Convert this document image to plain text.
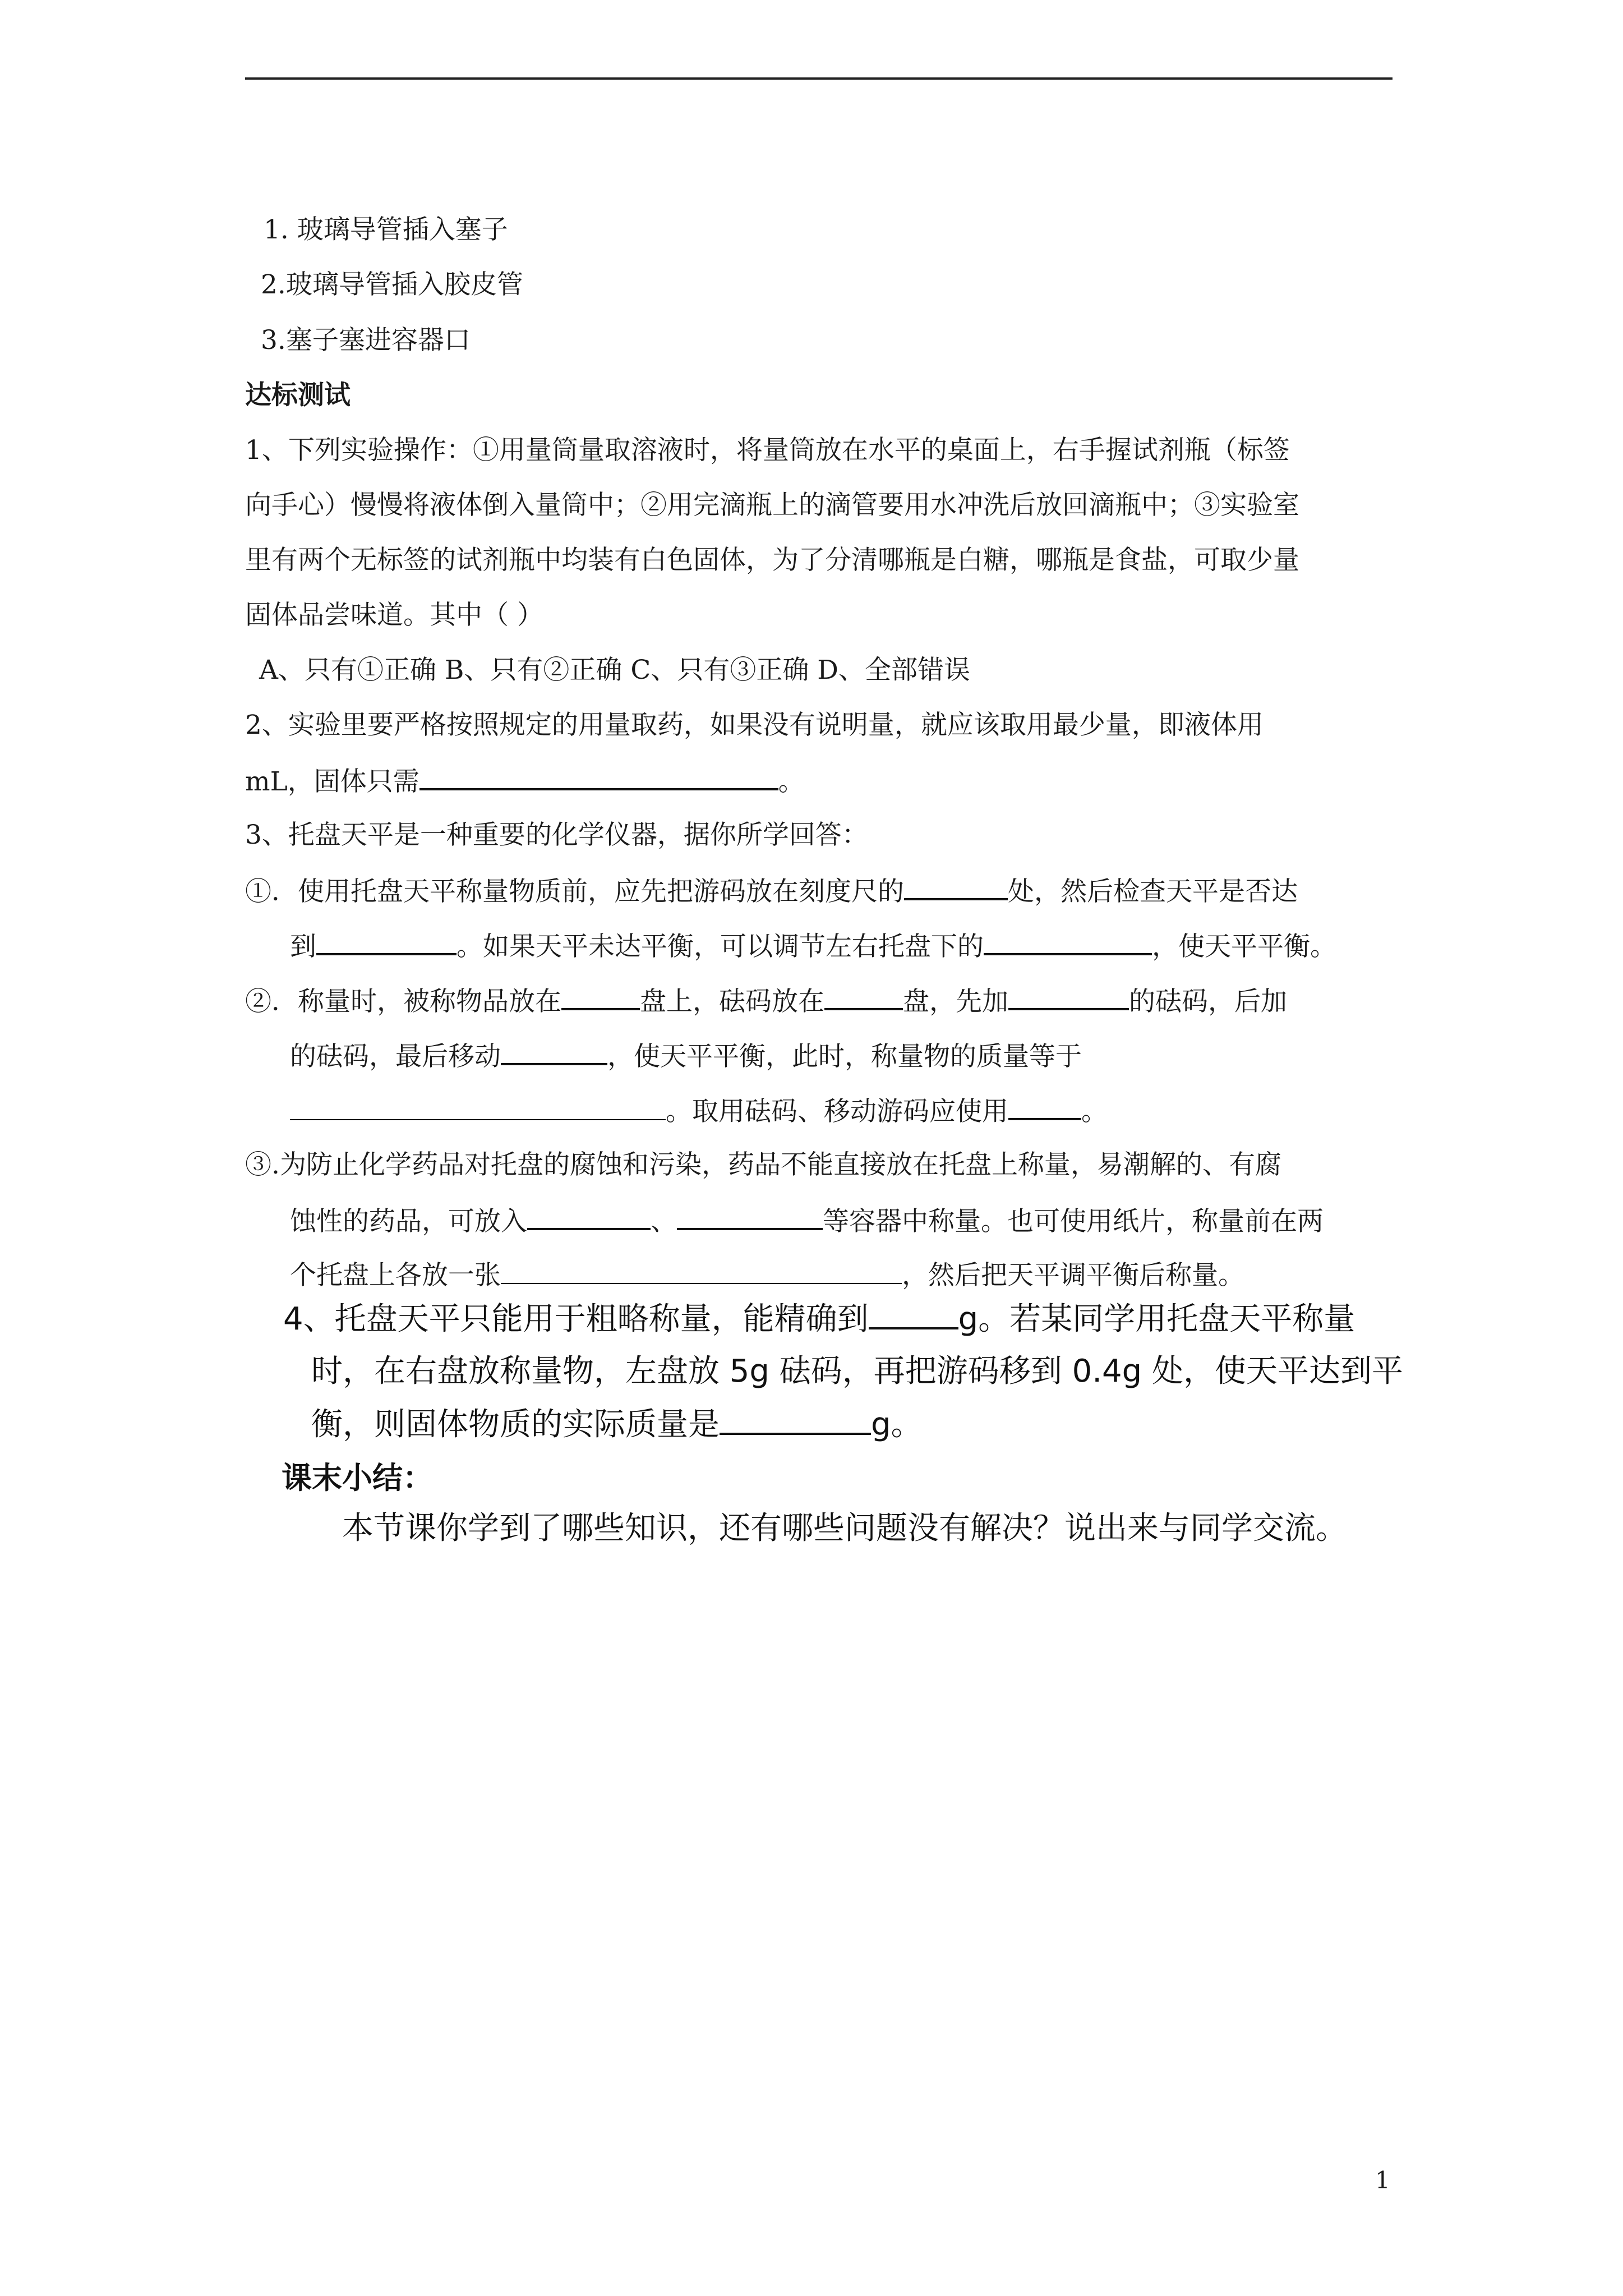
1. 玻璃导管插入塞子
2.玻璃导管插入胶皮管
3.塞子塞进容器口
达标测试
1、下列实验操作：①用量筒量取溶液时，将量筒放在水平的桌面上，右手握试剂瓶（标签
向手心）慢慢将液体倒入量筒中；②用完滴瓶上的滴管要用水冲洗后放回滴瓶中；③实验室
里有两个无标签的试剂瓶中均装有白色固体，为了分清哪瓶是白糖，哪瓶是食盐，可取少量
固体品尝味道。其中（ ）
A、只有①正确 B、只有②正确 C、只有③正确 D、全部错误
2、实验里要严格按照规定的用量取药，如果没有说明量，就应该取用最少量，即液体用
mL，固体只需	。
3、托盘天平是一种重要的化学仪器，据你所学回答：
①．使用托盘天平称量物质前，应先把游码放在刻度尺的	处，然后检查天平是否达
到	。如果天平未达平衡，可以调节左右托盘下的	，使天平平衡。
②．称量时，被称物品放在	盘上，砝码放在	盘，先加	的砝码，后加
的砝码，最后移动	，使天平平衡，此时，称量物的质量等于
。取用砝码、移动游码应使用	。
③.为防止化学药品对托盘的腐蚀和污染，药品不能直接放在托盘上称量，易潮解的、有腐
蚀性的药品，可放入	、	等容器中称量。也可使用纸片，称量前在两
个托盘上各放一张	，然后把天平调平衡后称量。
4、托盘天平只能用于粗略称量，能精确到	g。若某同学用托盘天平称量
时，在右盘放称量物，左盘放 5g 砝码，再把游码移到 0.4g 处，使天平达到平
衡，则固体物质的实际质量是	g。
课末小结：
本节课你学到了哪些知识，还有哪些问题没有解决？说出来与同学交流。
1
